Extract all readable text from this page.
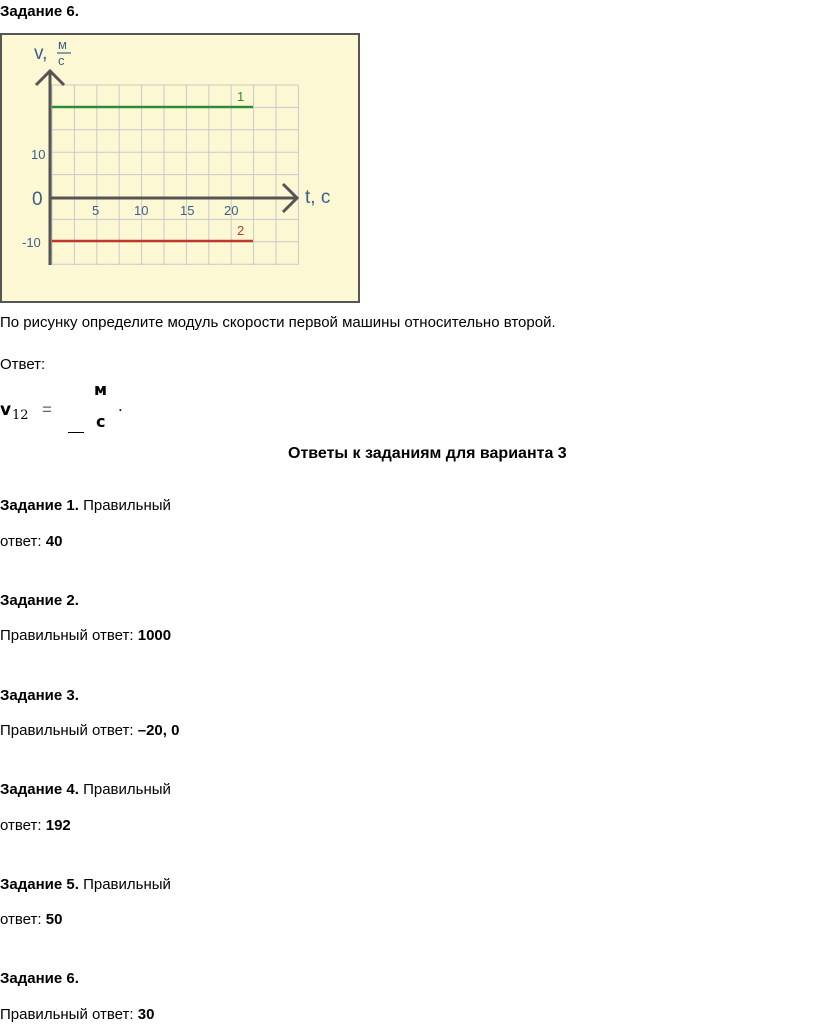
Задание 6.
v, м
с
t, с
0
10
-10
5	10 15 20
1
2
По рисунку определите модуль скорости первой машины относительно второй.
Ответ:
v 12 =
м
с
.
Ответы к заданиям для варианта 3
Задание 1. Правильный
ответ: 40
Задание 2.
Правильный ответ: 1000
Задание 3.
Правильный ответ: –20, 0
Задание 4. Правильный
ответ: 192
Задание 5. Правильный
ответ: 50
Задание 6.
Правильный ответ: 30
